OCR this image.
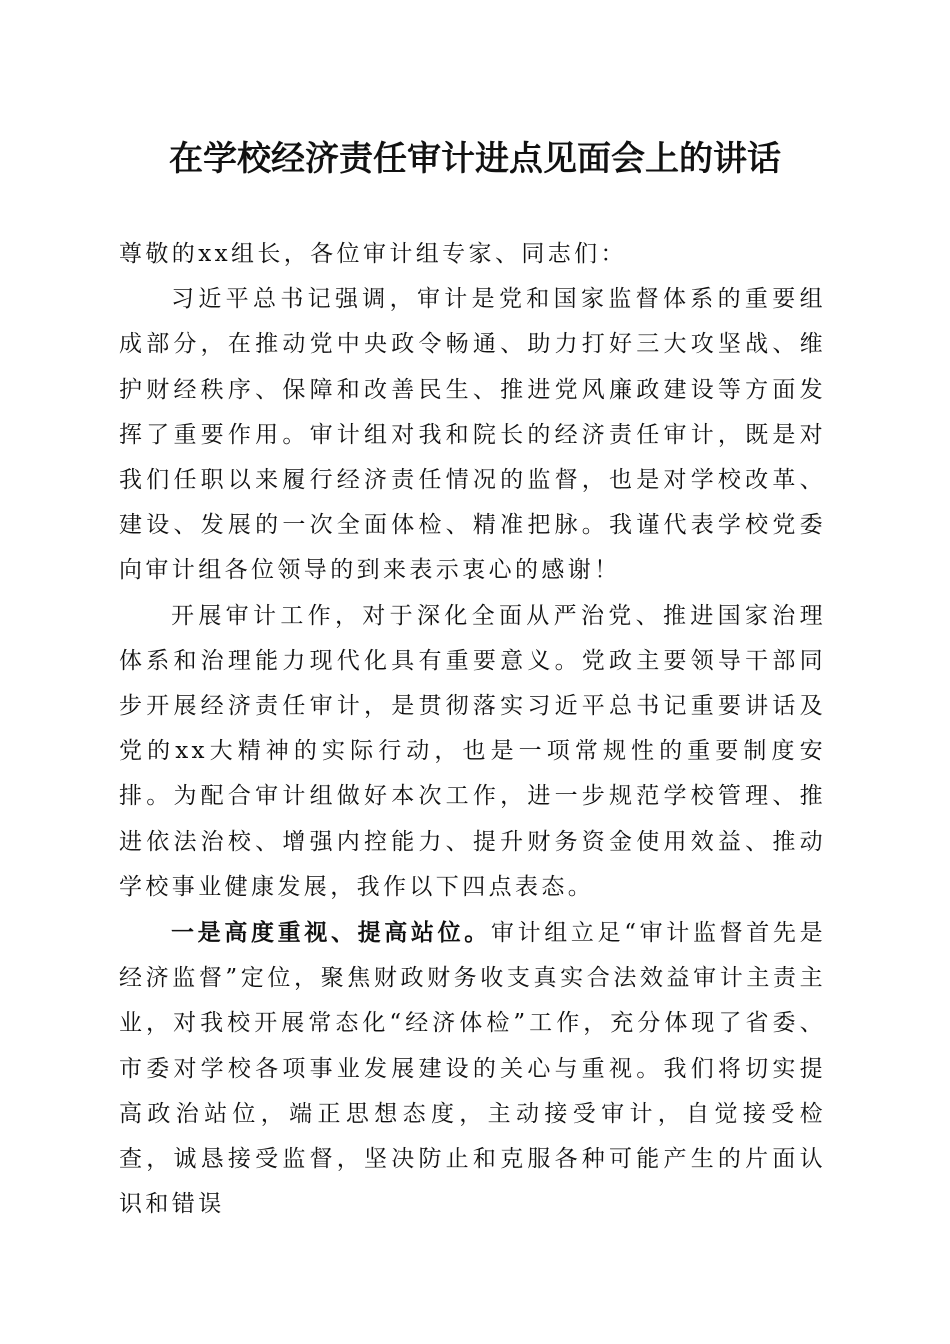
在学校经济责任审计进点见面会上的讲话

尊敬的xx组长，各位审计组专家、同志们：

习近平总书记强调，审计是党和国家监督体系的重要组成部分，在推动党中央政令畅通、助力打好三大攻坚战、维护财经秩序、保障和改善民生、推进党风廉政建设等方面发挥了重要作用。审计组对我和院长的经济责任审计，既是对我们任职以来履行经济责任情况的监督，也是对学校改革、建设、发展的一次全面体检、精准把脉。我谨代表学校党委向审计组各位领导的到来表示衷心的感谢！

开展审计工作，对于深化全面从严治党、推进国家治理体系和治理能力现代化具有重要意义。党政主要领导干部同步开展经济责任审计，是贯彻落实习近平总书记重要讲话及党的xx大精神的实际行动，也是一项常规性的重要制度安排。为配合审计组做好本次工作，进一步规范学校管理、推进依法治校、增强内控能力、提升财务资金使用效益、推动学校事业健康发展，我作以下四点表态。

一是高度重视、提高站位。审计组立足“审计监督首先是经济监督”定位，聚焦财政财务收支真实合法效益审计主责主业，对我校开展常态化“经济体检”工作，充分体现了省委、市委对学校各项事业发展建设的关心与重视。我们将切实提高政治站位，端正思想态度，主动接受审计，自觉接受检查，诚恳接受监督，坚决防止和克服各种可能产生的片面认识和错误
